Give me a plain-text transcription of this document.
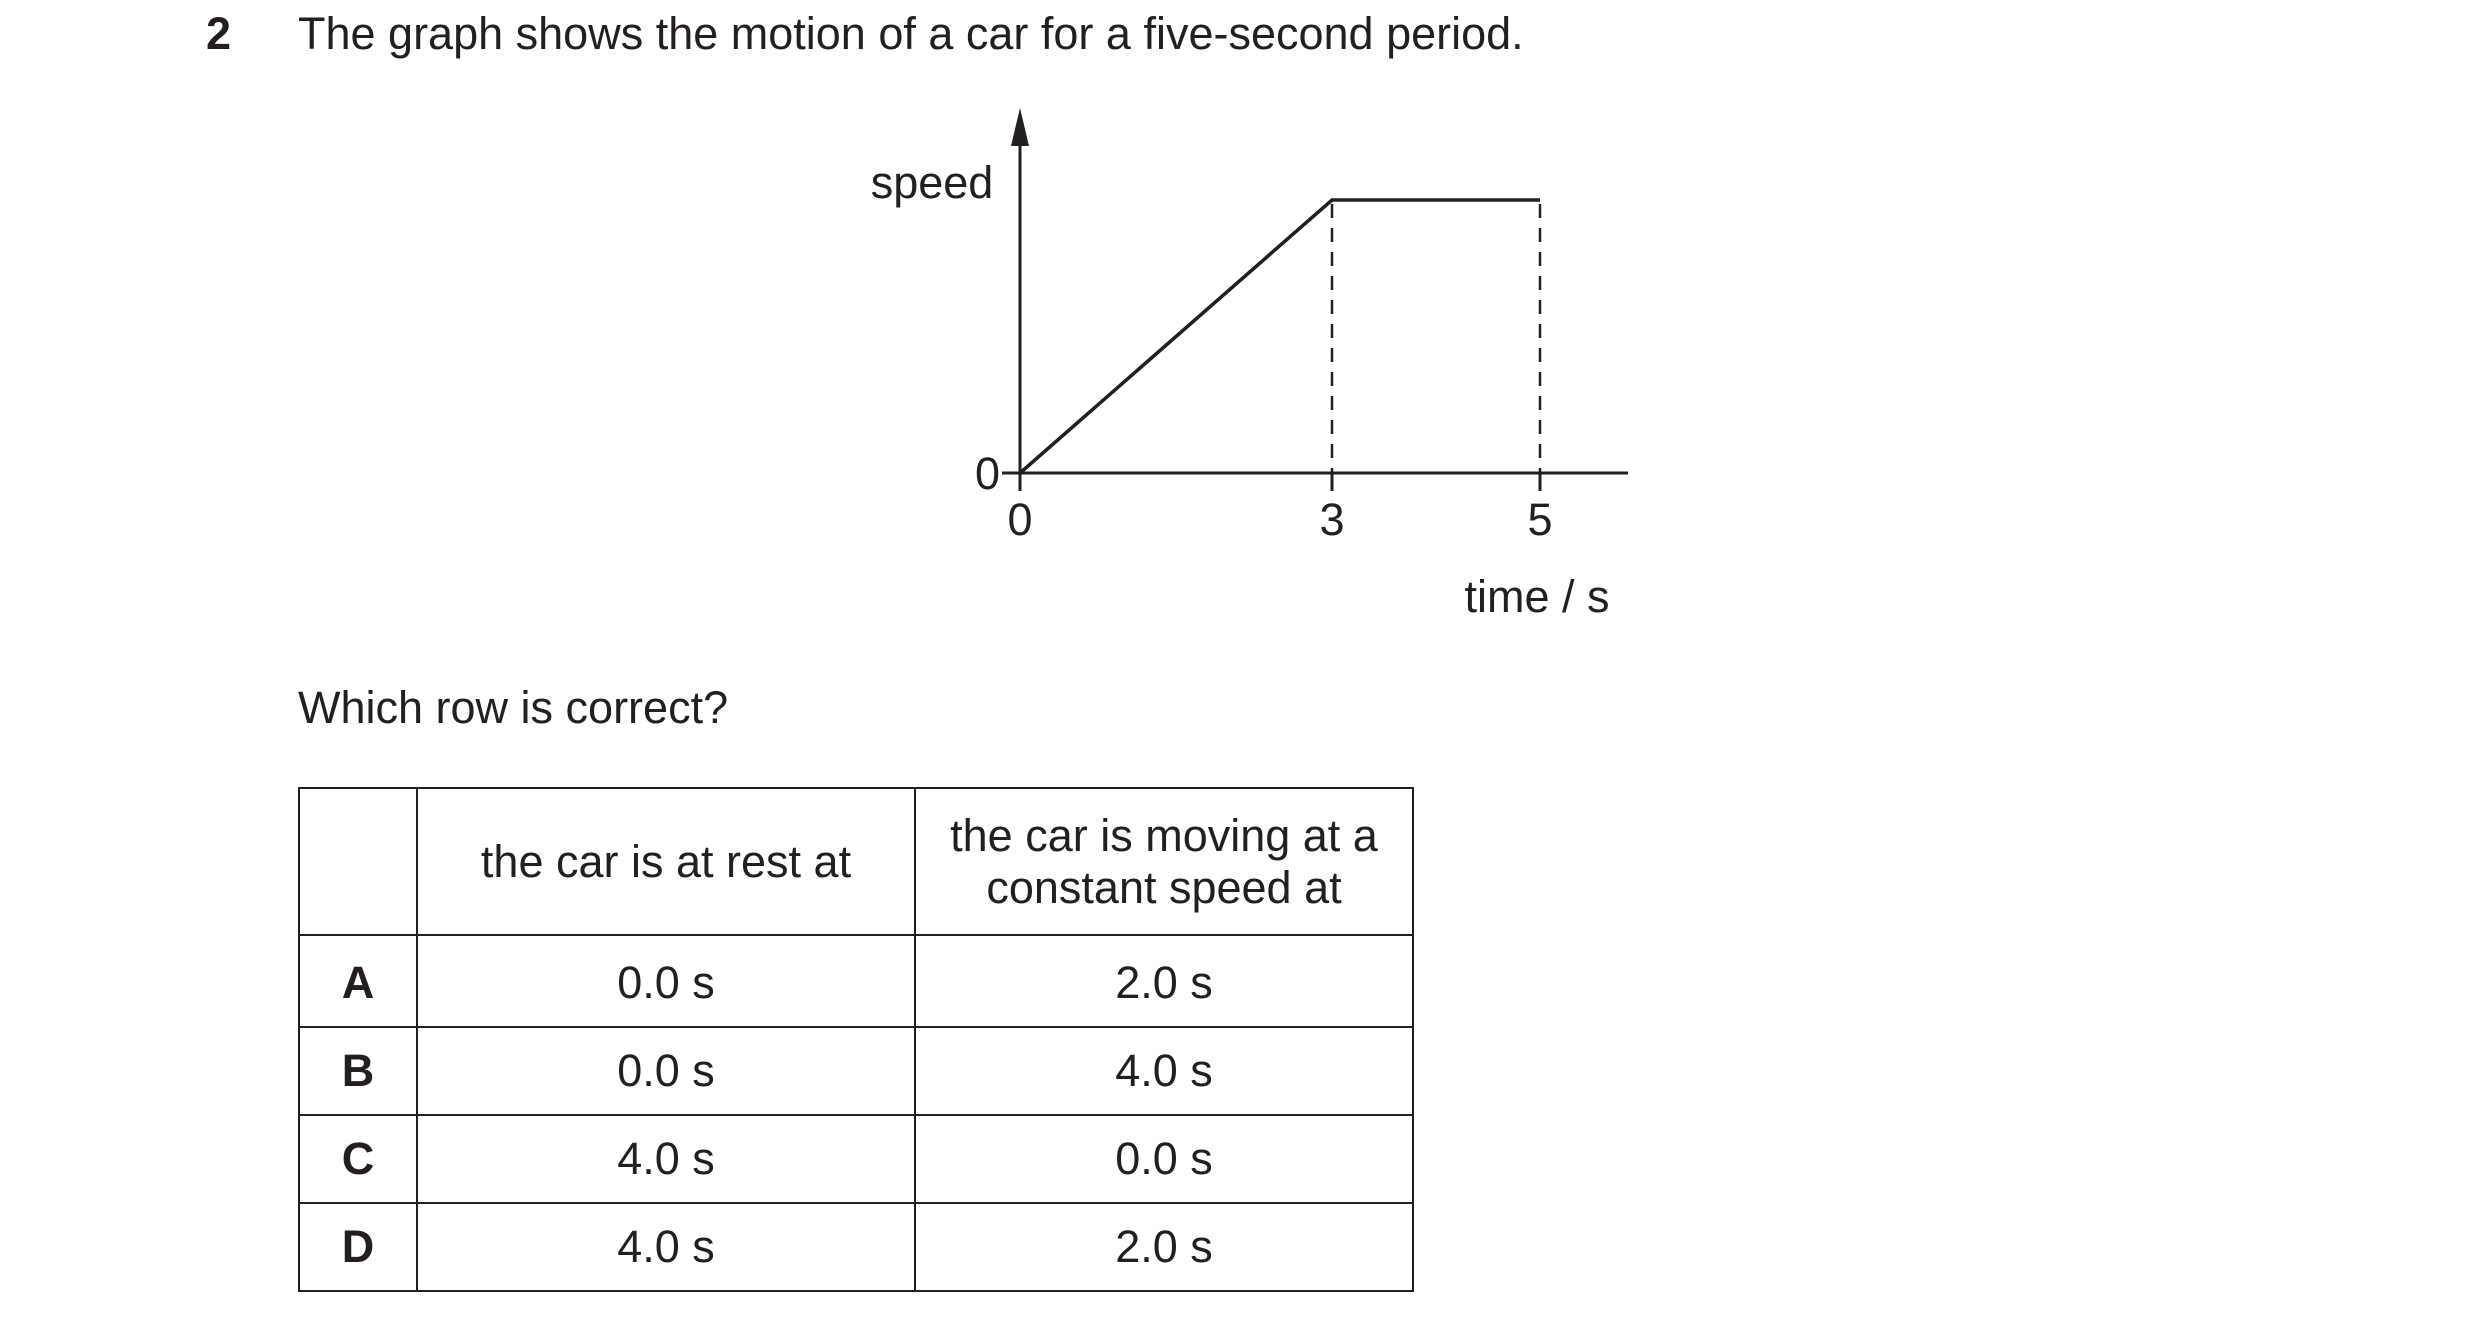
2 The graph shows the motion of a car for a five-second period.
0	3	5
0
speed
time / s
Which row is correct?
	the car is at rest at	the car is moving at a constant speed at
A	0.0 s	2.0 s
B	0.0 s	4.0 s
C	4.0 s	0.0 s
D	4.0 s	2.0 s
